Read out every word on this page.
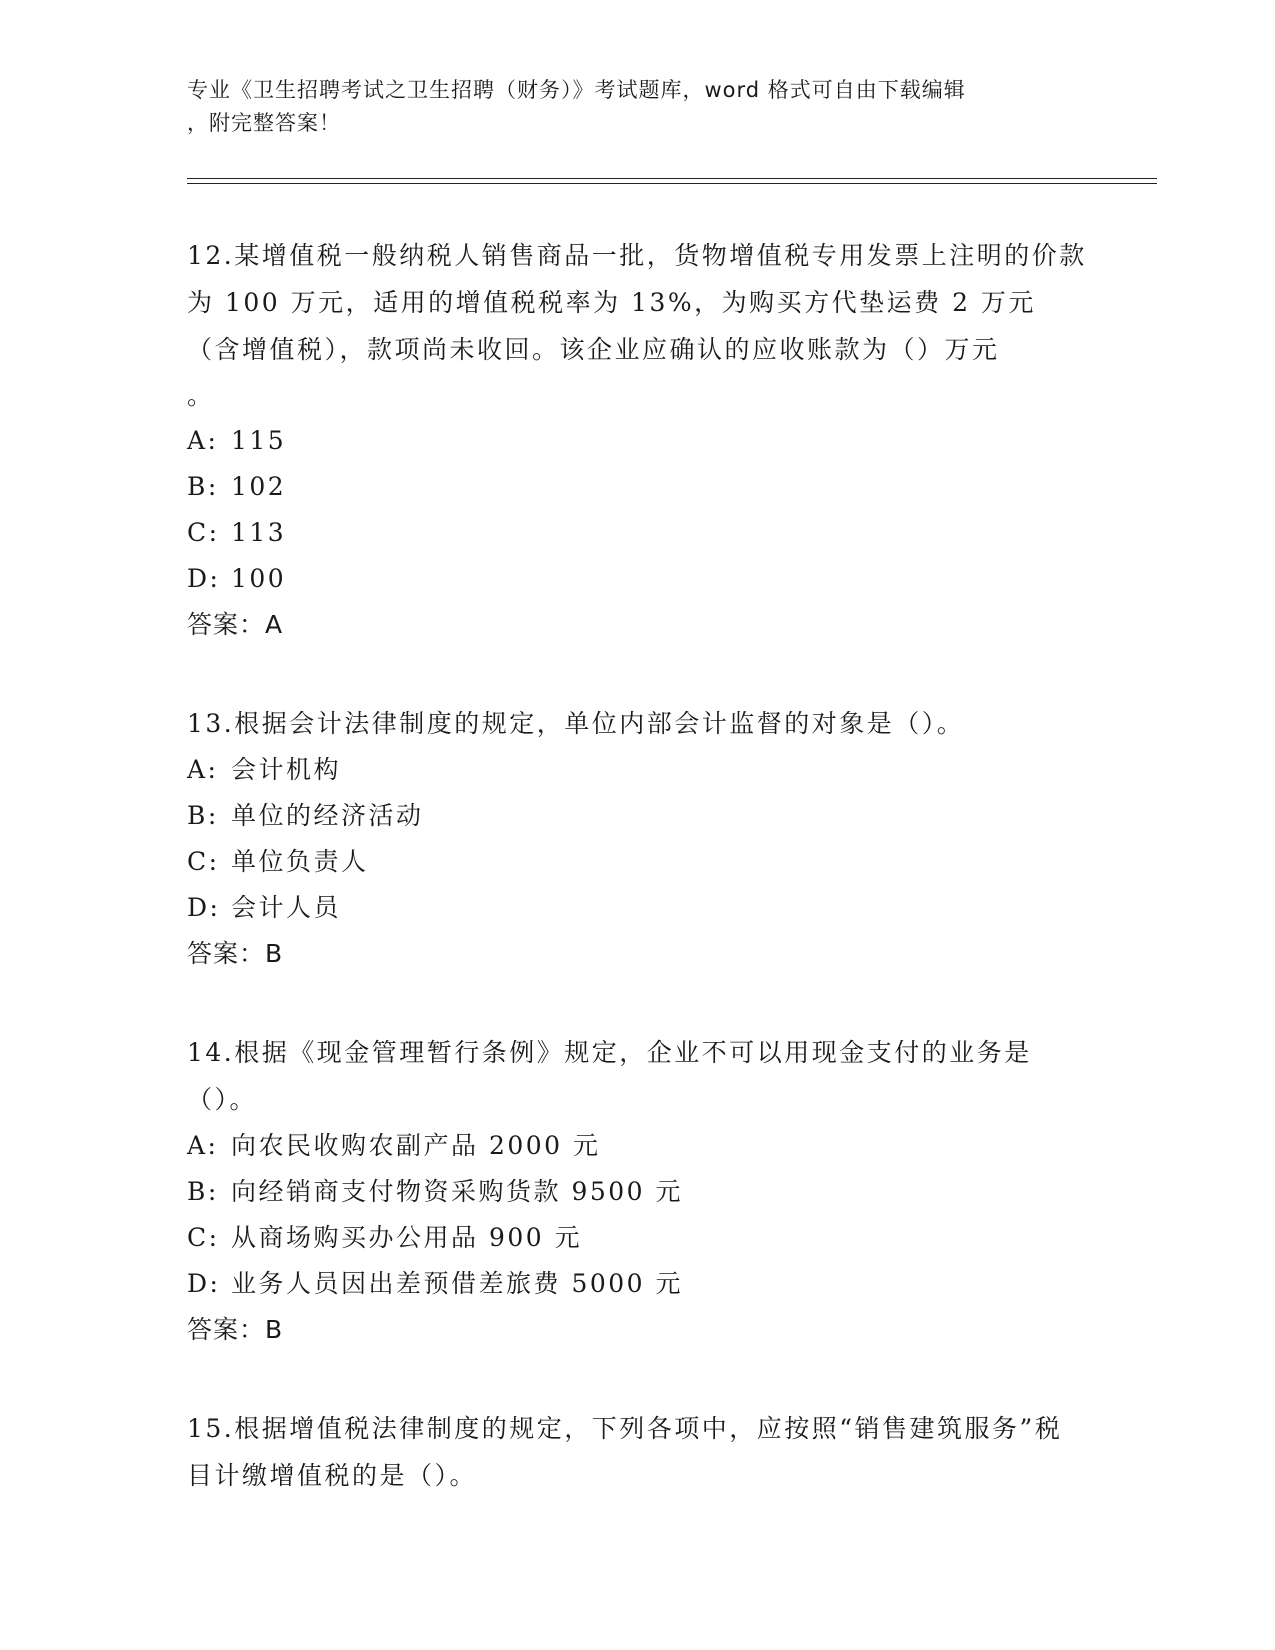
专业《卫生招聘考试之卫生招聘（财务）》考试题库，word 格式可自由下载编辑
，附完整答案！
12.某增值税一般纳税人销售商品一批，货物增值税专用发票上注明的价款为 100 万元，适用的增值税税率为 13%，为购买方代垫运费 2 万元（含增值税），款项尚未收回。该企业应确认的应收账款为（）万元
。
A: 115
B: 102
C: 113
D: 100
答案：A
13.根据会计法律制度的规定，单位内部会计监督的对象是（）。
A: 会计机构
B: 单位的经济活动
C: 单位负责人
D: 会计人员
答案：B
14.根据《现金管理暂行条例》规定，企业不可以用现金支付的业务是（）。
A: 向农民收购农副产品 2000 元
B: 向经销商支付物资采购货款 9500 元
C: 从商场购买办公用品 900 元
D: 业务人员因出差预借差旅费 5000 元
答案：B
15.根据增值税法律制度的规定，下列各项中，应按照“销售建筑服务”税目计缴增值税的是（）。
